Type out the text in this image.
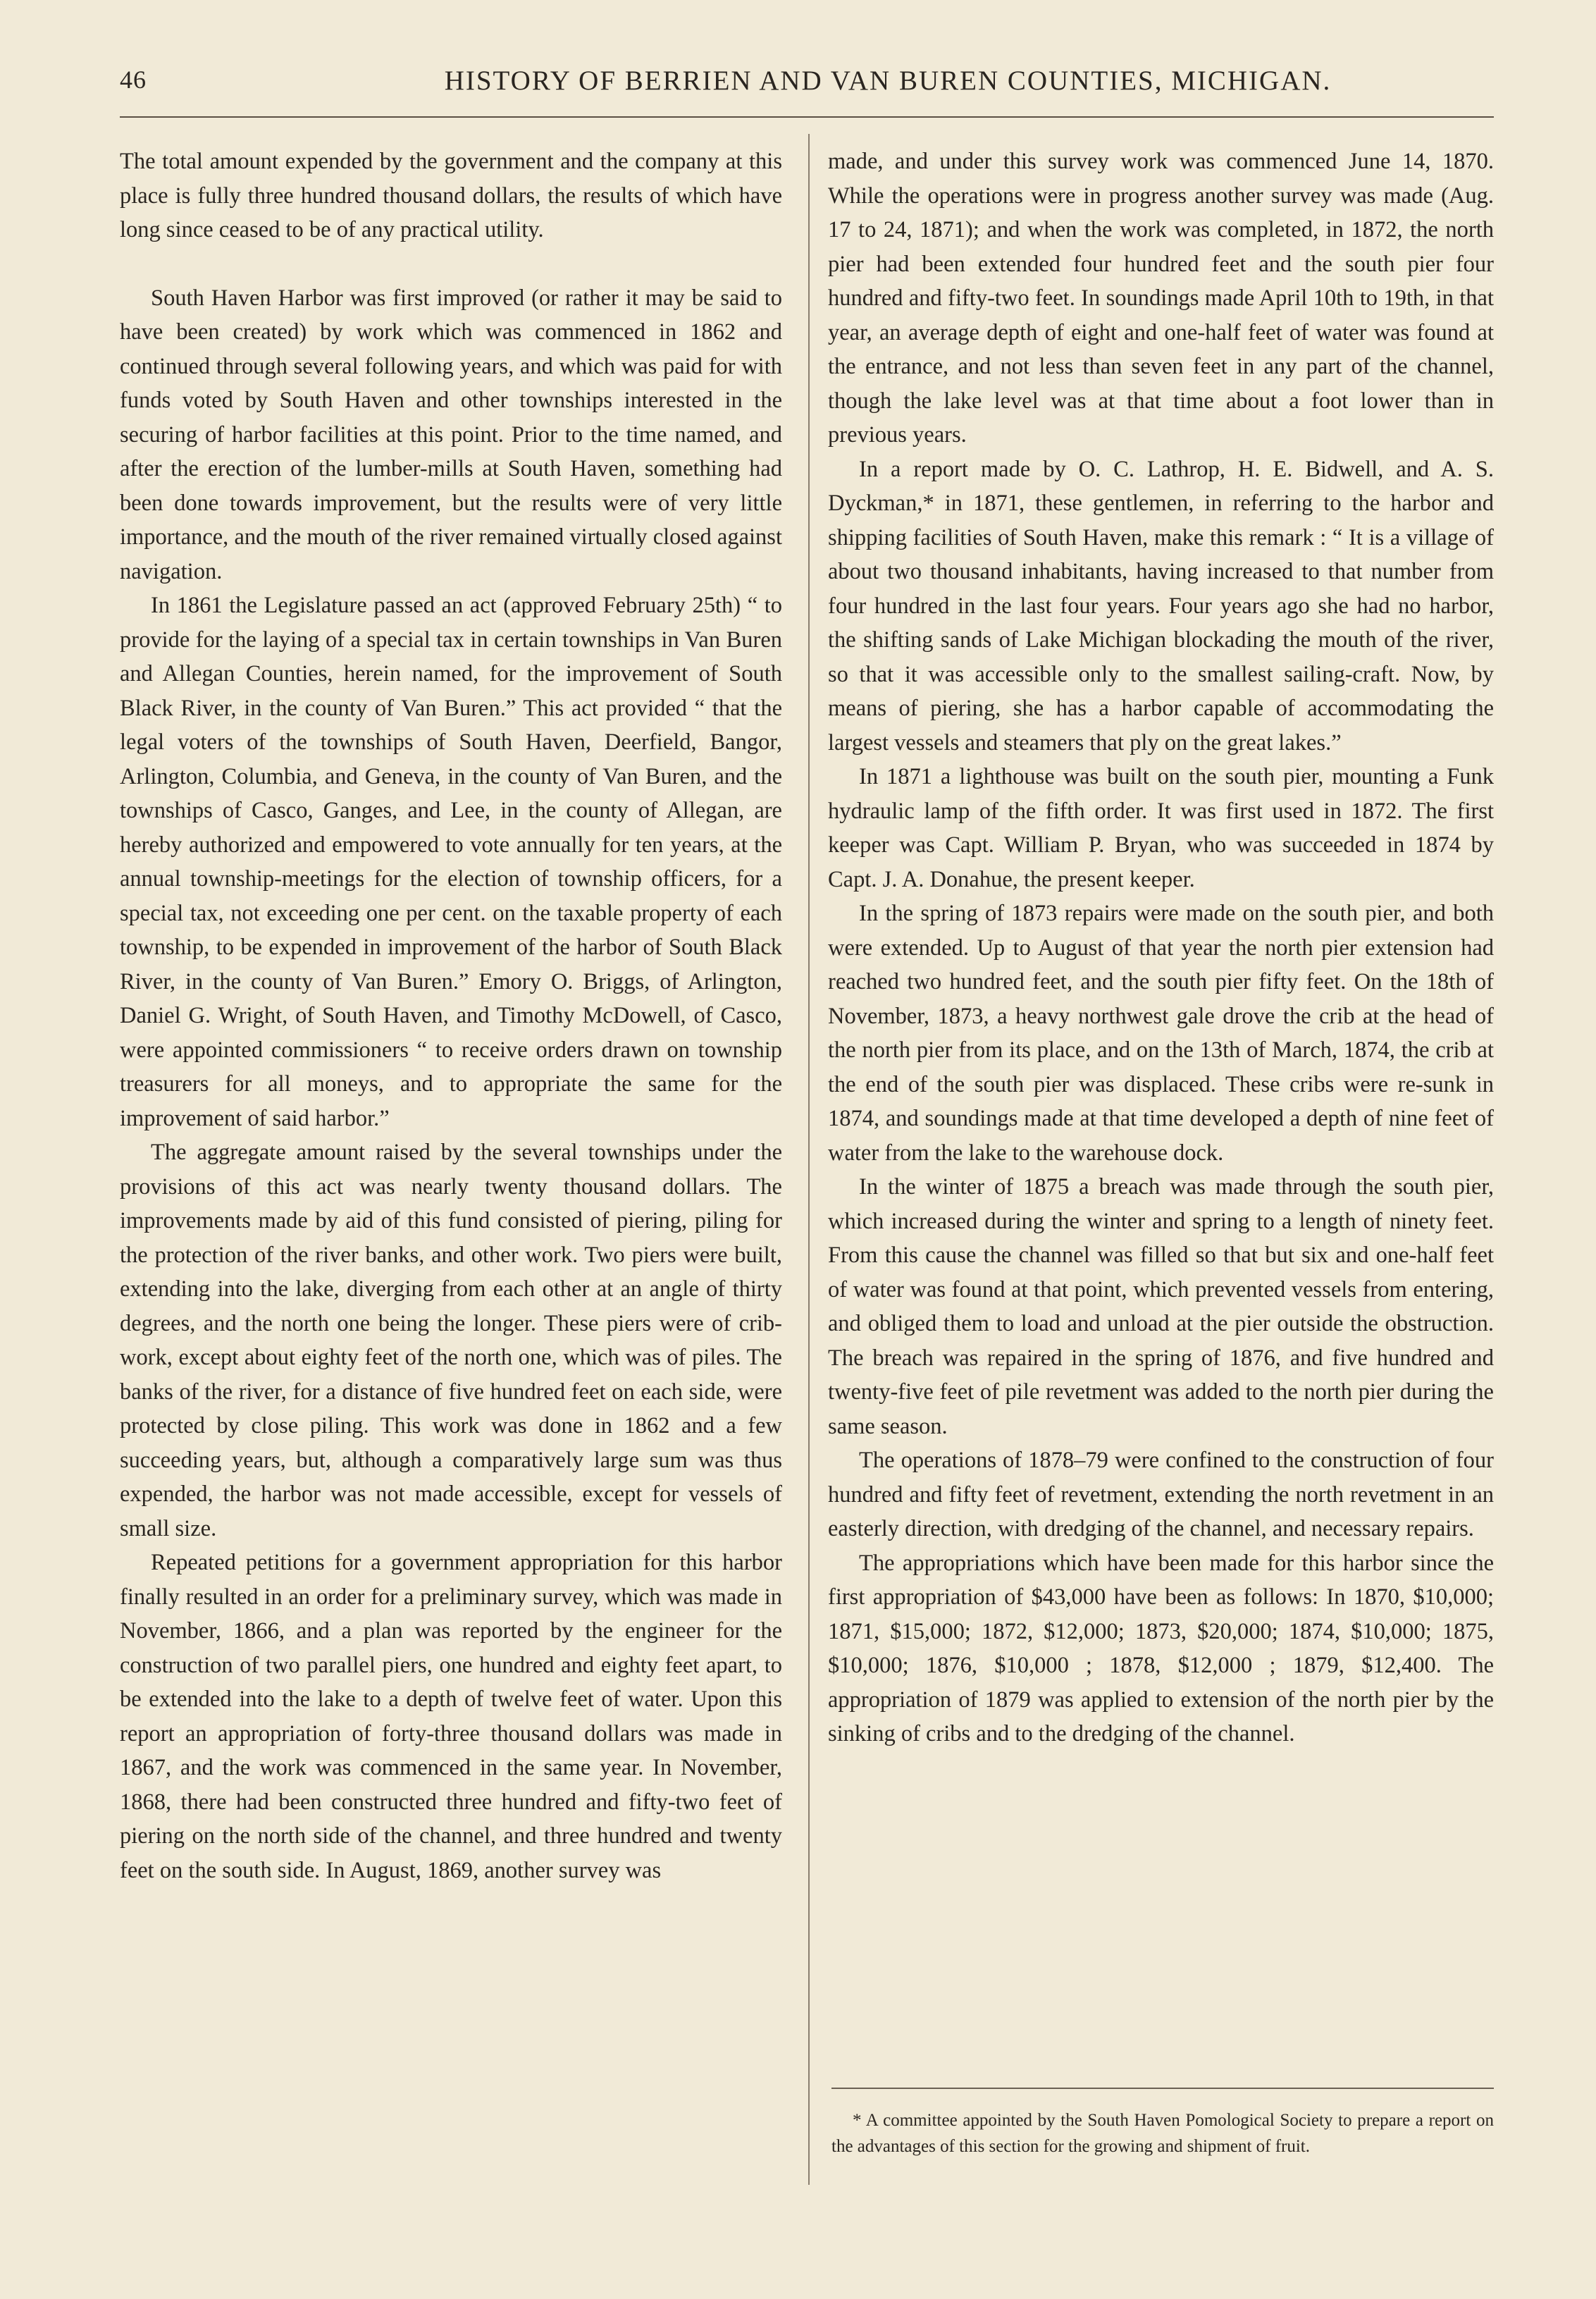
46	HISTORY OF BERRIEN AND VAN BUREN COUNTIES, MICHIGAN.

The total amount expended by the government and the company at this place is fully three hundred thousand dollars, the results of which have long since ceased to be of any practical utility.

South Haven Harbor was first improved (or rather it may be said to have been created) by work which was commenced in 1862 and continued through several following years, and which was paid for with funds voted by South Haven and other townships interested in the securing of harbor facilities at this point. Prior to the time named, and after the erection of the lumber-mills at South Haven, something had been done towards improvement, but the results were of very little importance, and the mouth of the river remained virtually closed against navigation.

In 1861 the Legislature passed an act (approved February 25th) “ to provide for the laying of a special tax in certain townships in Van Buren and Allegan Counties, herein named, for the improvement of South Black River, in the county of Van Buren.” This act provided “ that the legal voters of the townships of South Haven, Deerfield, Bangor, Arlington, Columbia, and Geneva, in the county of Van Buren, and the townships of Casco, Ganges, and Lee, in the county of Allegan, are hereby authorized and empowered to vote annually for ten years, at the annual township-meetings for the election of township officers, for a special tax, not exceeding one per cent. on the taxable property of each township, to be expended in improvement of the harbor of South Black River, in the county of Van Buren.” Emory O. Briggs, of Arlington, Daniel G. Wright, of South Haven, and Timothy McDowell, of Casco, were appointed commissioners “ to receive orders drawn on township treasurers for all moneys, and to appropriate the same for the improvement of said harbor.”

The aggregate amount raised by the several townships under the provisions of this act was nearly twenty thousand dollars. The improvements made by aid of this fund consisted of piering, piling for the protection of the river banks, and other work. Two piers were built, extending into the lake, diverging from each other at an angle of thirty degrees, and the north one being the longer. These piers were of crib-work, except about eighty feet of the north one, which was of piles. The banks of the river, for a distance of five hundred feet on each side, were protected by close piling. This work was done in 1862 and a few succeeding years, but, although a comparatively large sum was thus expended, the harbor was not made accessible, except for vessels of small size.

Repeated petitions for a government appropriation for this harbor finally resulted in an order for a preliminary survey, which was made in November, 1866, and a plan was reported by the engineer for the construction of two parallel piers, one hundred and eighty feet apart, to be extended into the lake to a depth of twelve feet of water. Upon this report an appropriation of forty-three thousand dollars was made in 1867, and the work was commenced in the same year. In November, 1868, there had been constructed three hundred and fifty-two feet of piering on the north side of the channel, and three hundred and twenty feet on the south side. In August, 1869, another survey was

made, and under this survey work was commenced June 14, 1870. While the operations were in progress another survey was made (Aug. 17 to 24, 1871); and when the work was completed, in 1872, the north pier had been extended four hundred feet and the south pier four hundred and fifty-two feet. In soundings made April 10th to 19th, in that year, an average depth of eight and one-half feet of water was found at the entrance, and not less than seven feet in any part of the channel, though the lake level was at that time about a foot lower than in previous years.

In a report made by O. C. Lathrop, H. E. Bidwell, and A. S. Dyckman,* in 1871, these gentlemen, in referring to the harbor and shipping facilities of South Haven, make this remark : “ It is a village of about two thousand inhabitants, having increased to that number from four hundred in the last four years. Four years ago she had no harbor, the shifting sands of Lake Michigan blockading the mouth of the river, so that it was accessible only to the smallest sailing-craft. Now, by means of piering, she has a harbor capable of accommodating the largest vessels and steamers that ply on the great lakes.”

In 1871 a lighthouse was built on the south pier, mounting a Funk hydraulic lamp of the fifth order. It was first used in 1872. The first keeper was Capt. William P. Bryan, who was succeeded in 1874 by Capt. J. A. Donahue, the present keeper.

In the spring of 1873 repairs were made on the south pier, and both were extended. Up to August of that year the north pier extension had reached two hundred feet, and the south pier fifty feet. On the 18th of November, 1873, a heavy northwest gale drove the crib at the head of the north pier from its place, and on the 13th of March, 1874, the crib at the end of the south pier was displaced. These cribs were re-sunk in 1874, and soundings made at that time developed a depth of nine feet of water from the lake to the warehouse dock.

In the winter of 1875 a breach was made through the south pier, which increased during the winter and spring to a length of ninety feet. From this cause the channel was filled so that but six and one-half feet of water was found at that point, which prevented vessels from entering, and obliged them to load and unload at the pier outside the obstruction. The breach was repaired in the spring of 1876, and five hundred and twenty-five feet of pile revetment was added to the north pier during the same season.

The operations of 1878–79 were confined to the construction of four hundred and fifty feet of revetment, extending the north revetment in an easterly direction, with dredging of the channel, and necessary repairs.

The appropriations which have been made for this harbor since the first appropriation of $43,000 have been as follows: In 1870, $10,000; 1871, $15,000; 1872, $12,000; 1873, $20,000; 1874, $10,000; 1875, $10,000; 1876, $10,000 ; 1878, $12,000 ; 1879, $12,400. The appropriation of 1879 was applied to extension of the north pier by the sinking of cribs and to the dredging of the channel.

* A committee appointed by the South Haven Pomological Society to prepare a report on the advantages of this section for the growing and shipment of fruit.
